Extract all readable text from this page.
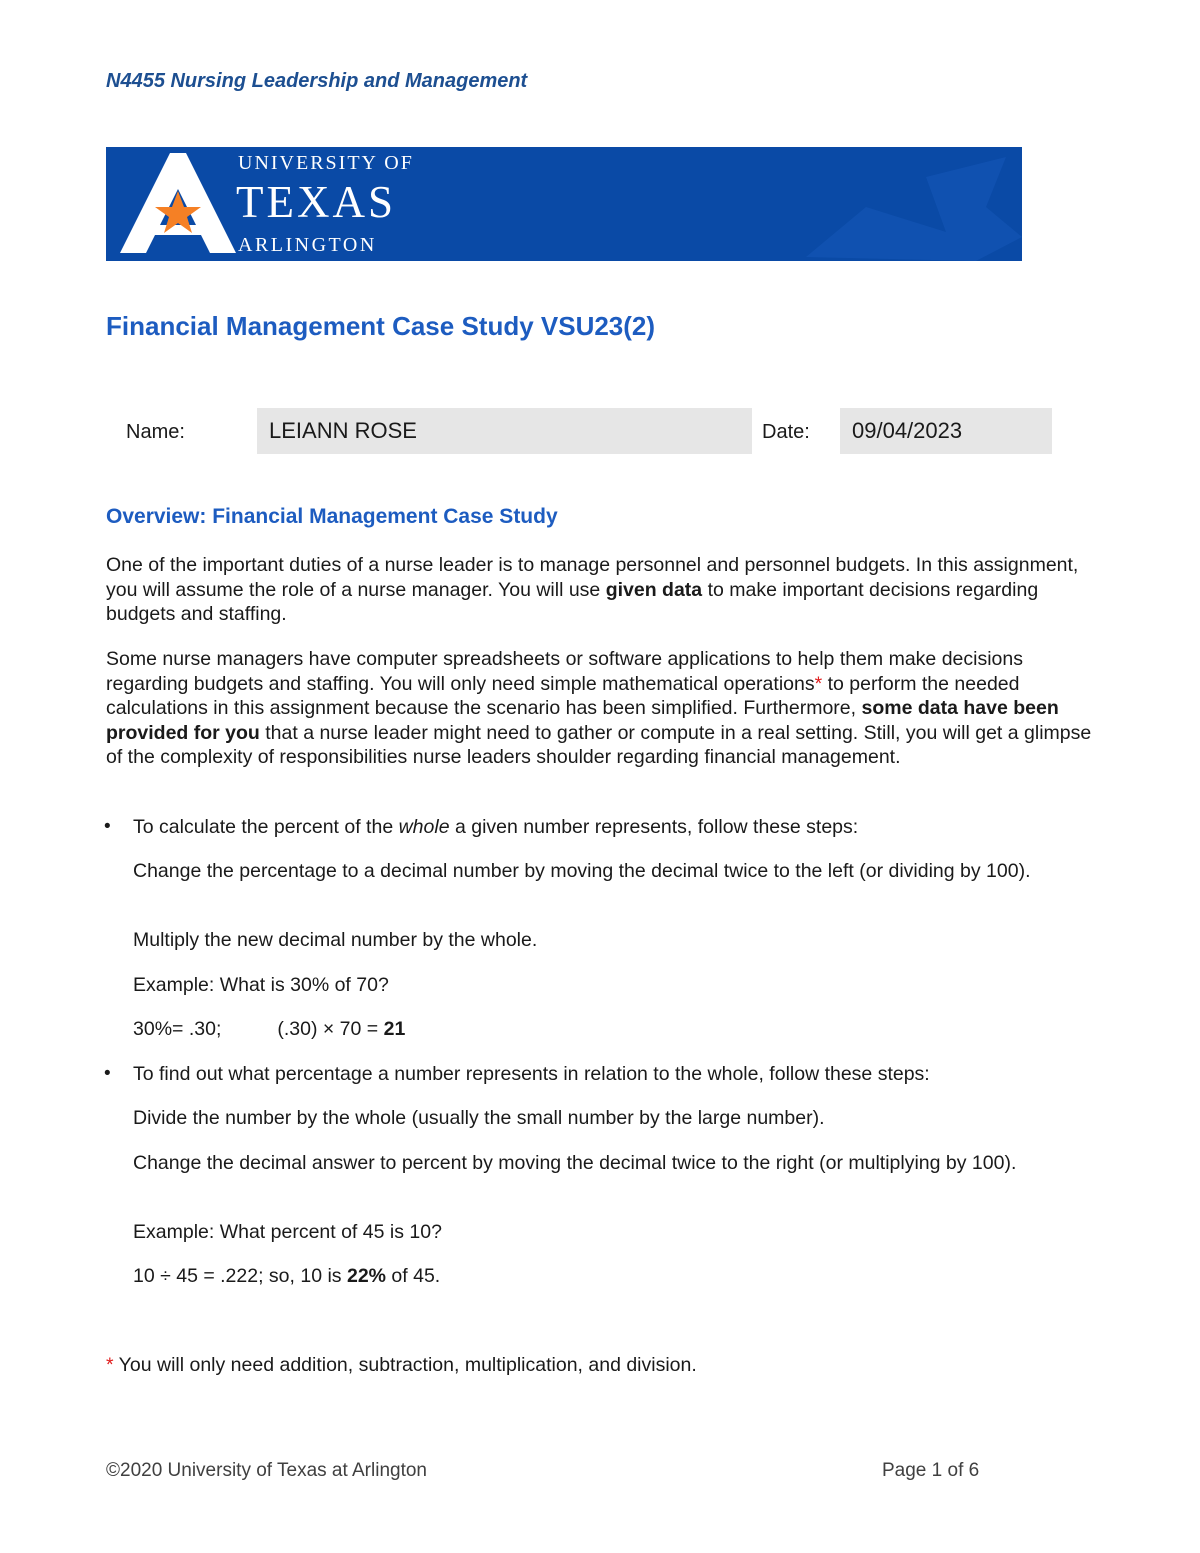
N4455 Nursing Leadership and Management
UNIVERSITY OF
TEXAS
ARLINGTON
Financial Management Case Study VSU23(2)
Name:	LEIANN ROSE	Date:	09/04/2023
Overview: Financial Management Case Study
One of the important duties of a nurse leader is to manage personnel and personnel budgets. In this assignment, you will assume the role of a nurse manager. You will use given data to make important decisions regarding budgets and staffing.
Some nurse managers have computer spreadsheets or software applications to help them make decisions regarding budgets and staffing. You will only need simple mathematical operations* to perform the needed calculations in this assignment because the scenario has been simplified. Furthermore, some data have been provided for you that a nurse leader might need to gather or compute in a real setting. Still, you will get a glimpse of the complexity of responsibilities nurse leaders shoulder regarding financial management.
• To calculate the percent of the whole a given number represents, follow these steps:
Change the percentage to a decimal number by moving the decimal twice to the left (or dividing by 100).
Multiply the new decimal number by the whole.
Example: What is 30% of 70?
30%= .30;	(.30) × 70 = 21
• To find out what percentage a number represents in relation to the whole, follow these steps:
Divide the number by the whole (usually the small number by the large number).
Change the decimal answer to percent by moving the decimal twice to the right (or multiplying by 100).
Example: What percent of 45 is 10?
10 ÷ 45 = .222; so, 10 is 22% of 45.
* You will only need addition, subtraction, multiplication, and division.
©2020 University of Texas at Arlington	Page 1 of 6
